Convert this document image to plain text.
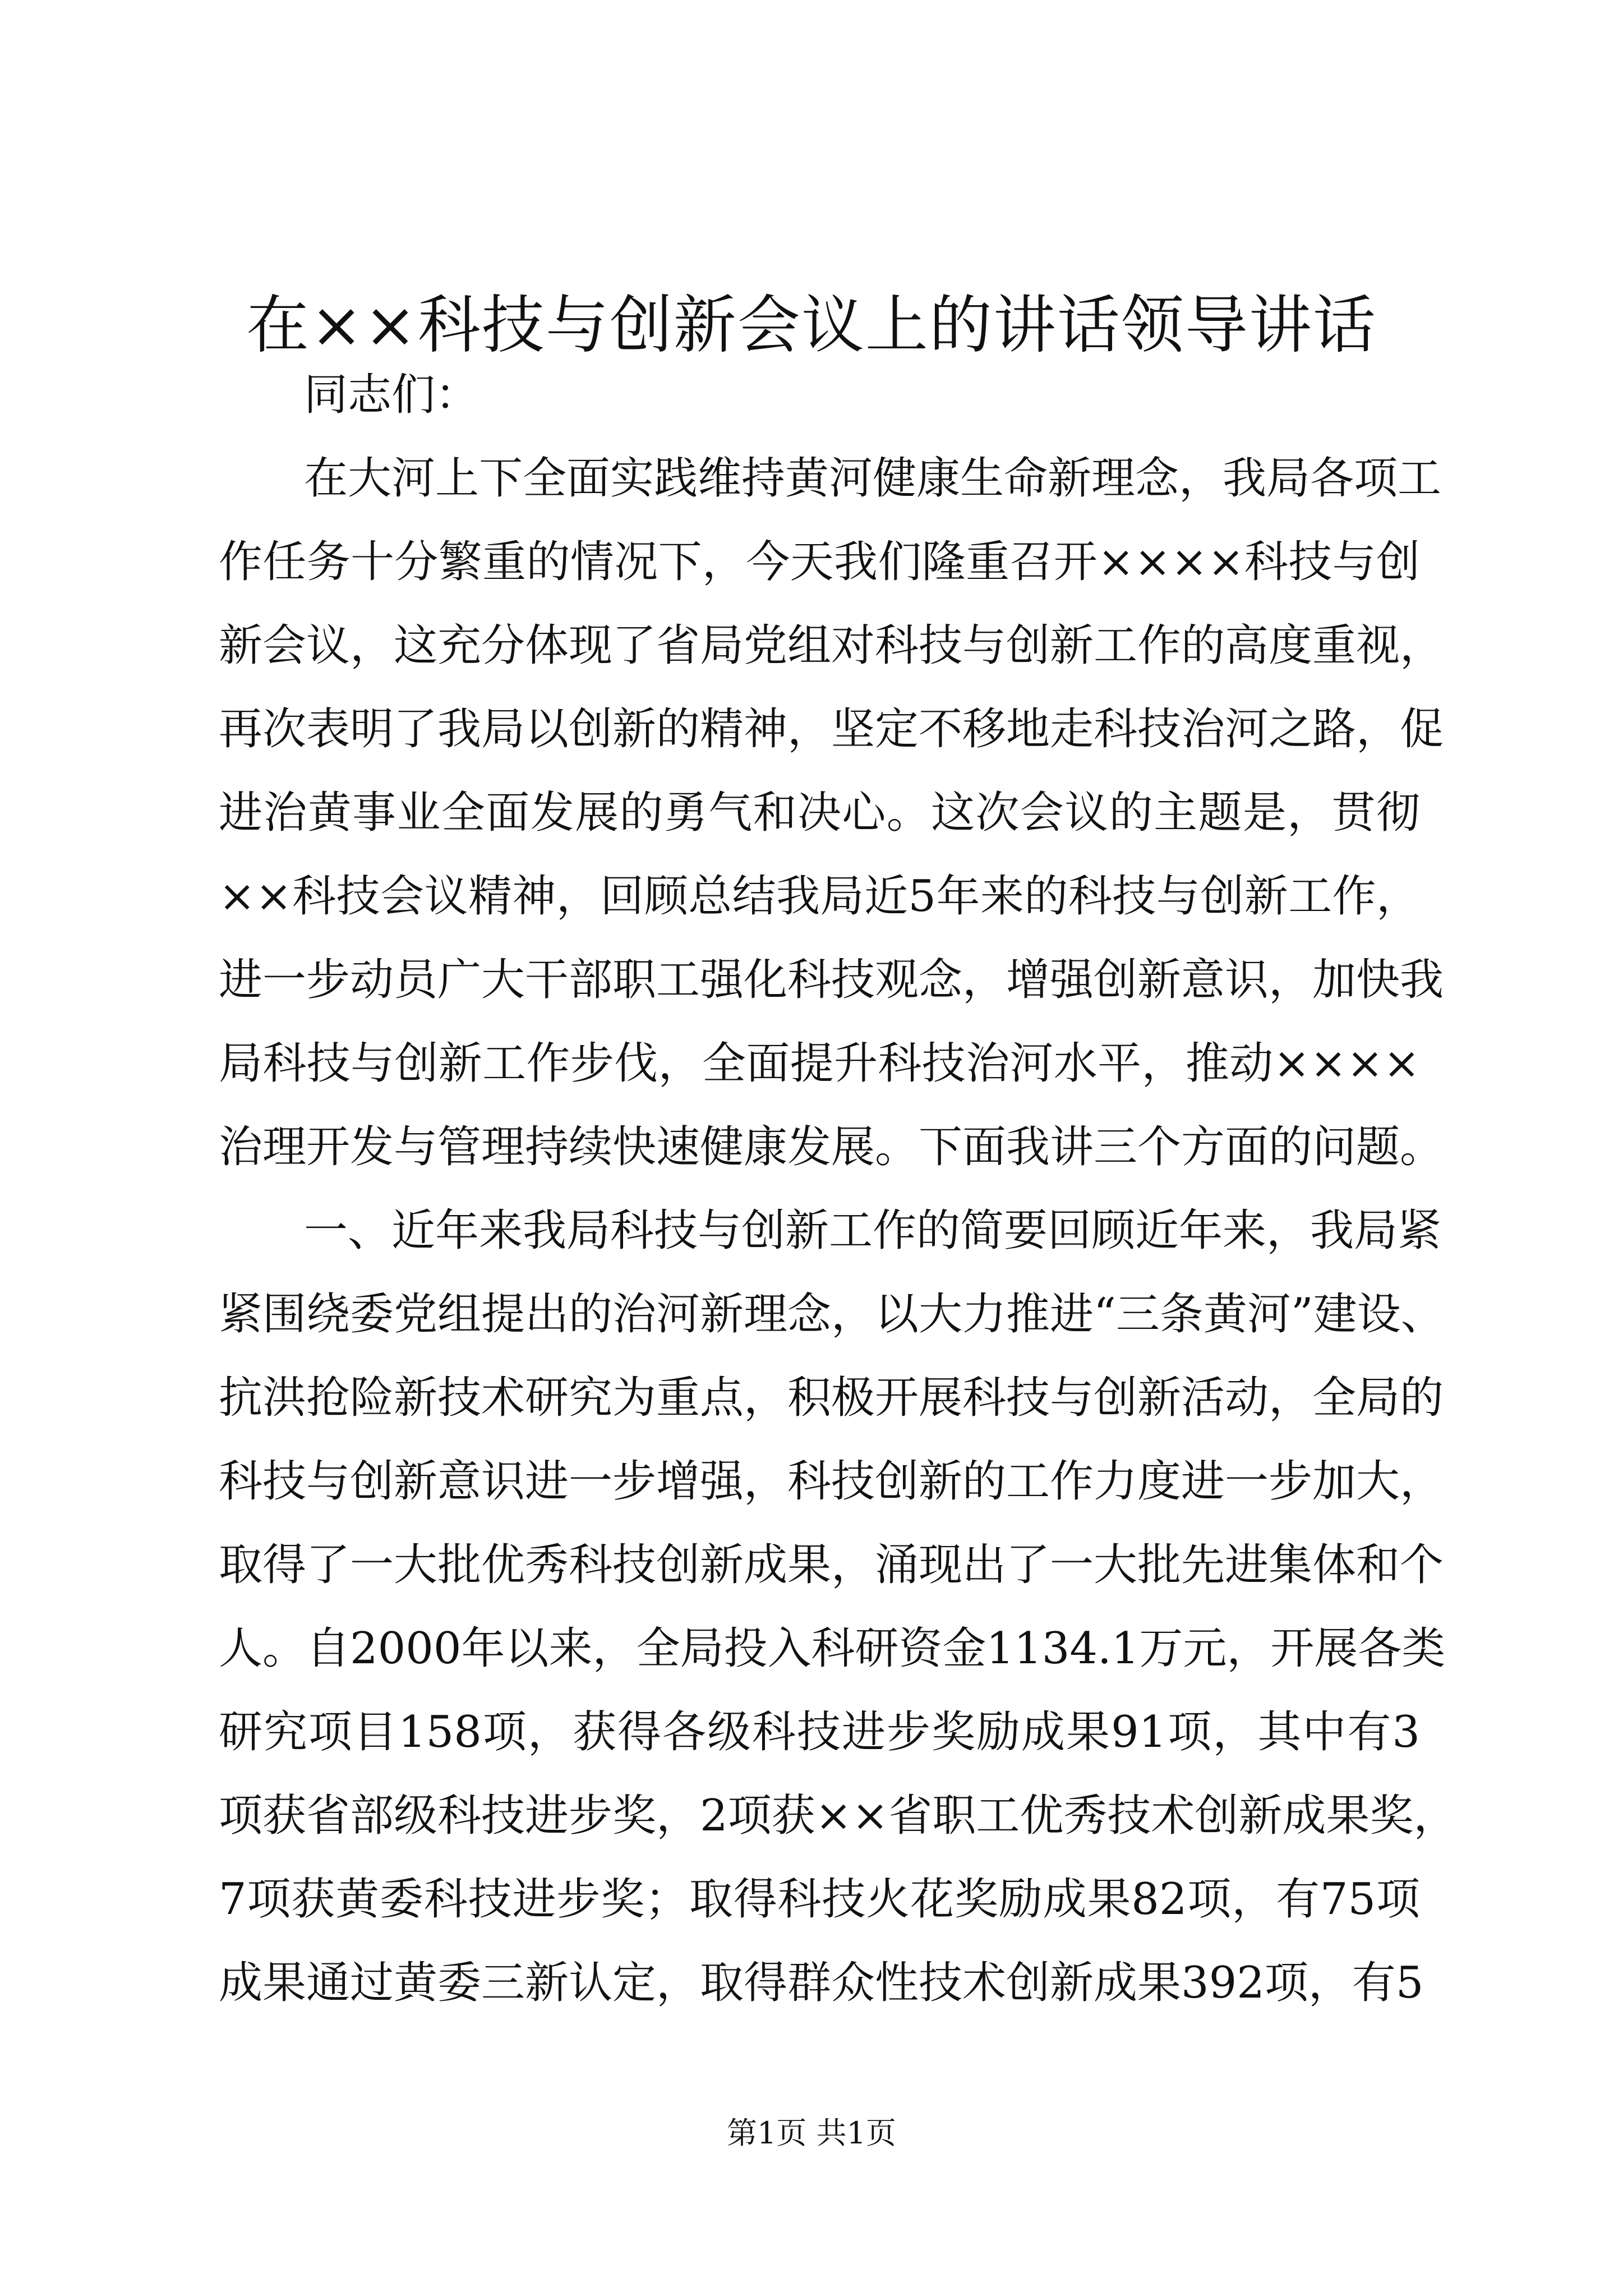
在××科技与创新会议上的讲话领导讲话

同志们：

在大河上下全面实践维持黄河健康生命新理念，我局各项工
作任务十分繁重的情况下，今天我们隆重召开××××科技与创
新会议，这充分体现了省局党组对科技与创新工作的高度重视，
再次表明了我局以创新的精神，坚定不移地走科技治河之路，促
进治黄事业全面发展的勇气和决心。这次会议的主题是，贯彻
××科技会议精神，回顾总结我局近5年来的科技与创新工作，
进一步动员广大干部职工强化科技观念，增强创新意识，加快我
局科技与创新工作步伐，全面提升科技治河水平，推动××××
治理开发与管理持续快速健康发展。下面我讲三个方面的问题。

一、近年来我局科技与创新工作的简要回顾近年来，我局紧
紧围绕委党组提出的治河新理念，以大力推进“三条黄河”建设、
抗洪抢险新技术研究为重点，积极开展科技与创新活动，全局的
科技与创新意识进一步增强，科技创新的工作力度进一步加大，
取得了一大批优秀科技创新成果，涌现出了一大批先进集体和个
人。自2000年以来，全局投入科研资金1134.1万元，开展各类
研究项目158项，获得各级科技进步奖励成果91项，其中有3
项获省部级科技进步奖，2项获××省职工优秀技术创新成果奖，
7项获黄委科技进步奖；取得科技火花奖励成果82项，有75项
成果通过黄委三新认定，取得群众性技术创新成果392项，有5

第1页 共1页
